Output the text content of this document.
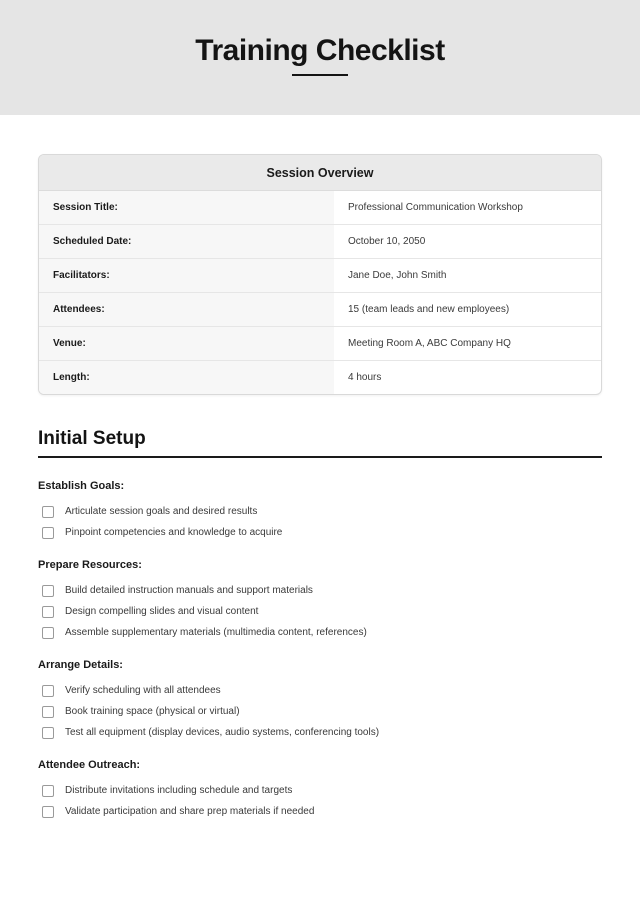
Training Checklist
Session Overview
Session Title:	Professional Communication Workshop
Scheduled Date:	October 10, 2050
Facilitators:	Jane Doe, John Smith
Attendees:	15 (team leads and new employees)
Venue:	Meeting Room A, ABC Company HQ
Length:	4 hours
Initial Setup
Establish Goals:
Articulate session goals and desired results
Pinpoint competencies and knowledge to acquire
Prepare Resources:
Build detailed instruction manuals and support materials
Design compelling slides and visual content
Assemble supplementary materials (multimedia content, references)
Arrange Details:
Verify scheduling with all attendees
Book training space (physical or virtual)
Test all equipment (display devices, audio systems, conferencing tools)
Attendee Outreach:
Distribute invitations including schedule and targets
Validate participation and share prep materials if needed
